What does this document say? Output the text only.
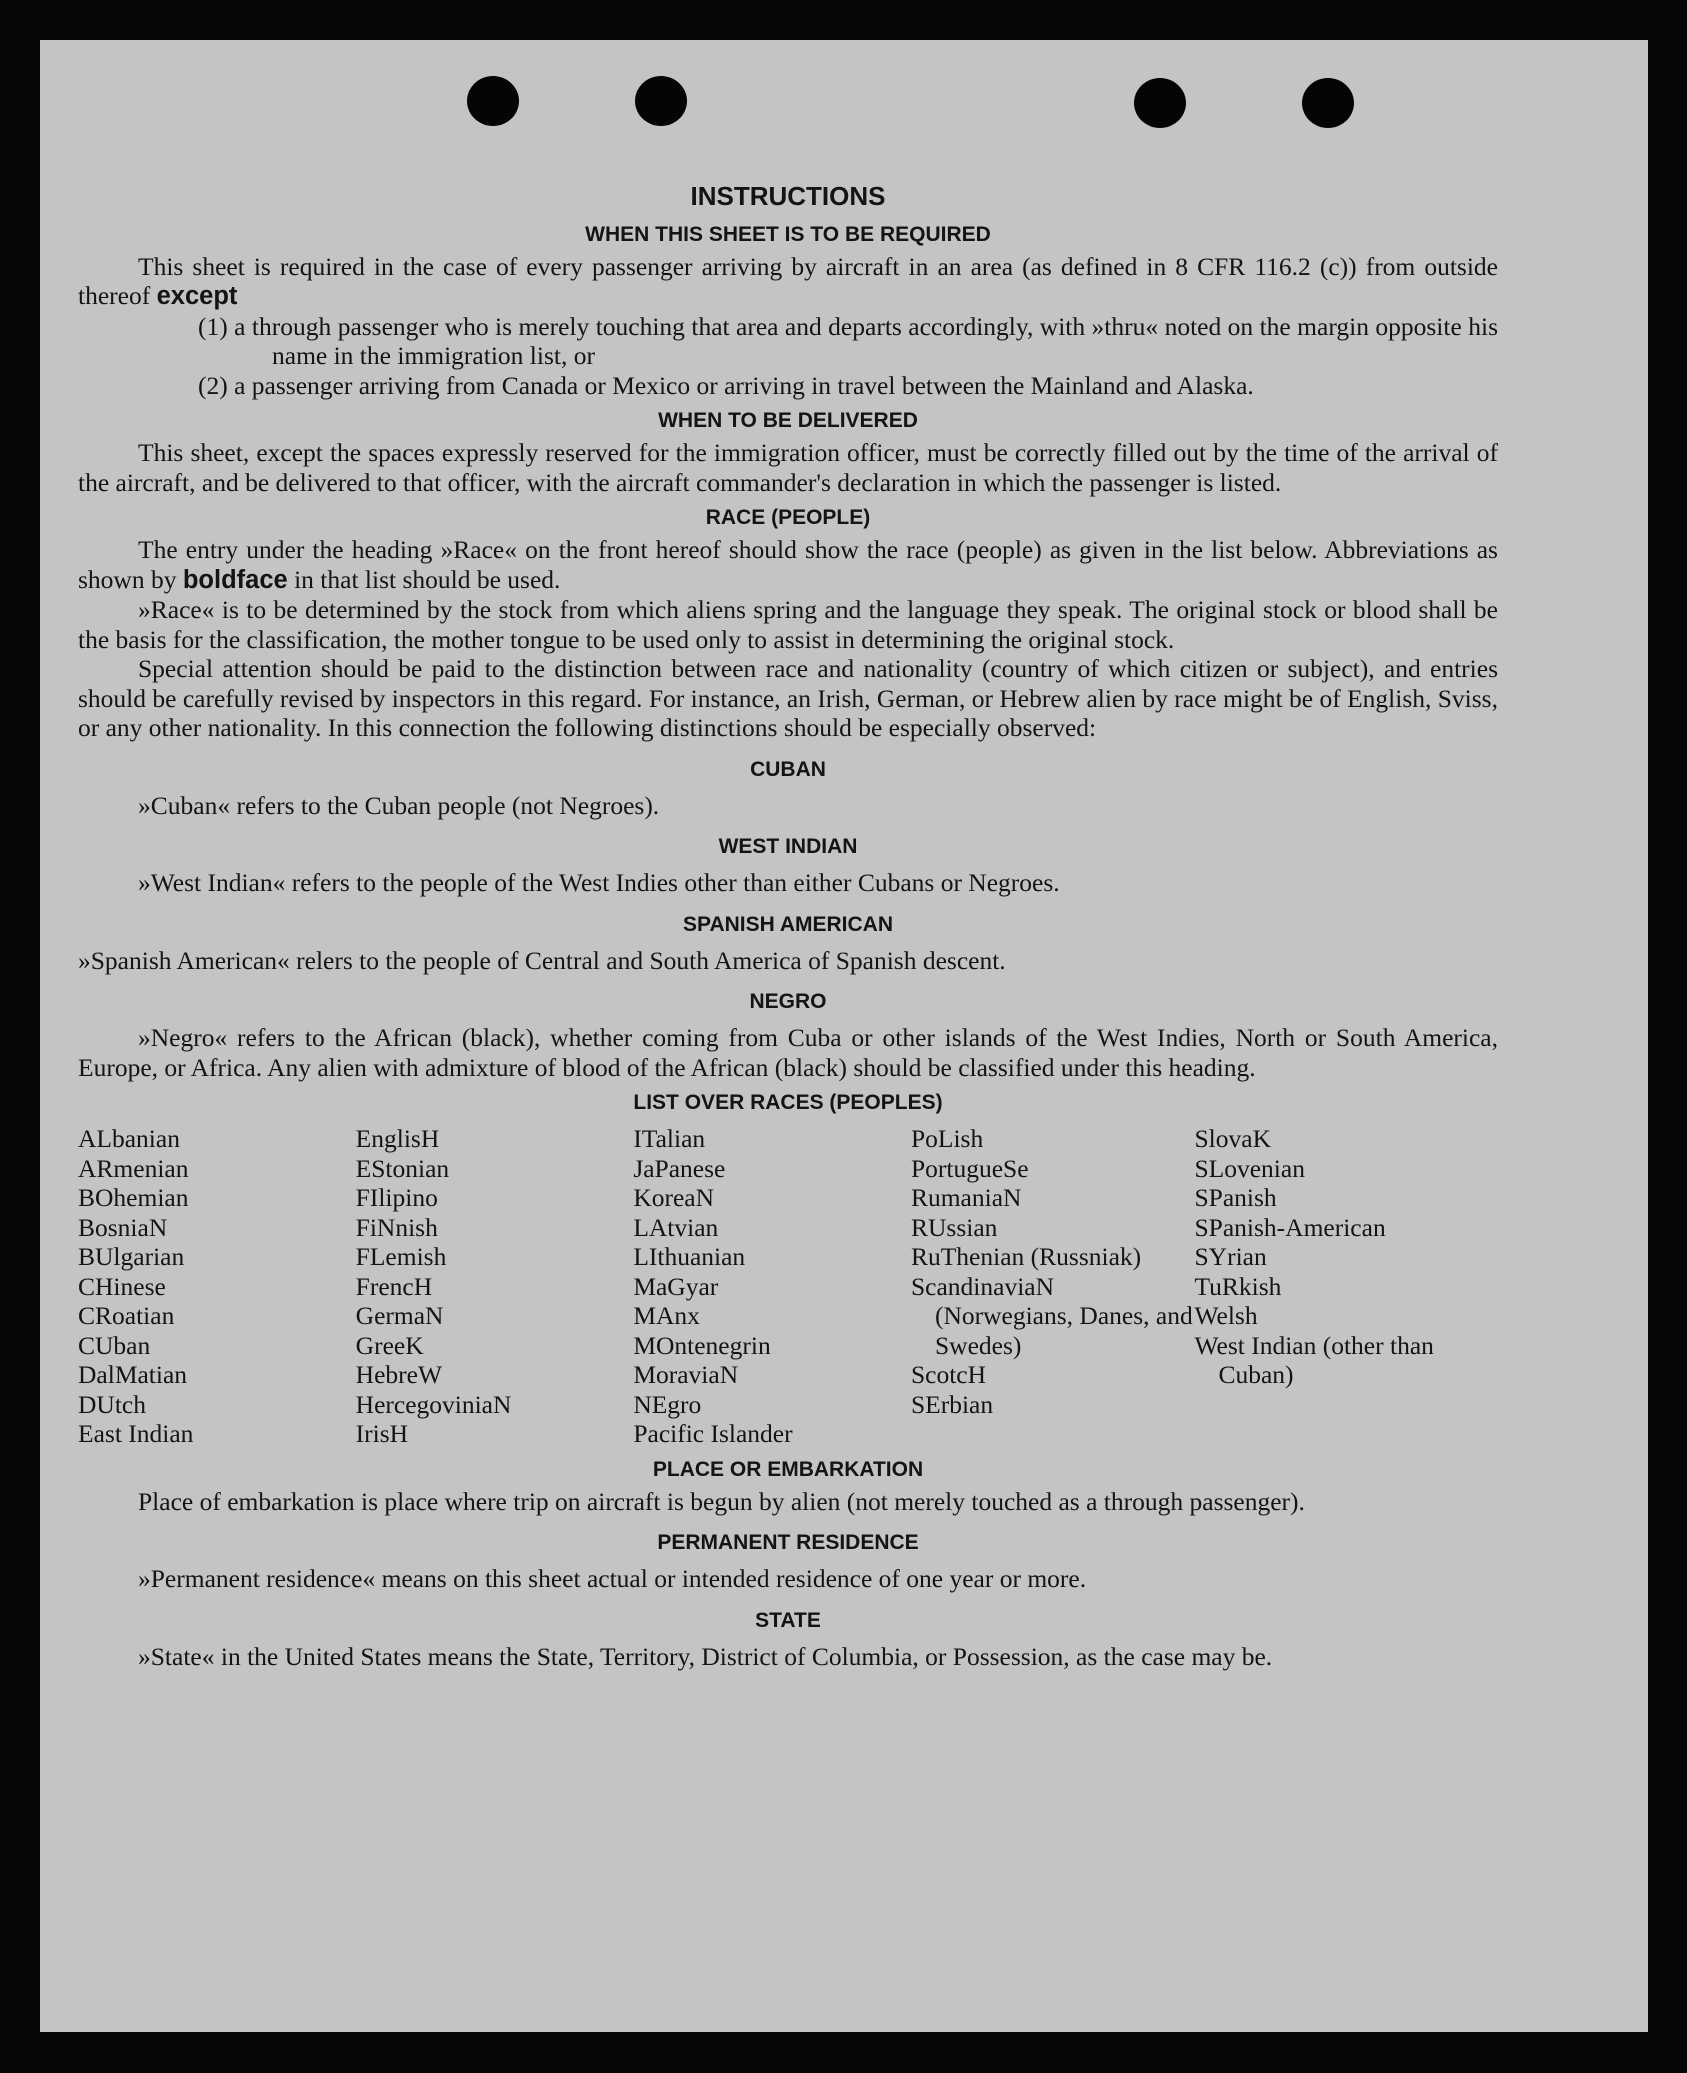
INSTRUCTIONS
WHEN THIS SHEET IS TO BE REQUIRED

This sheet is required in the case of every passenger arriving by aircraft in an area (as defined in 8 CFR 116.2 (c)) from outside thereof except

(1) a through passenger who is merely touching that area and departs accordingly, with »thru« noted on the margin opposite his name in the immigration list, or
(2) a passenger arriving from Canada or Mexico or arriving in travel between the Mainland and Alaska.
WHEN TO BE DELIVERED

This sheet, except the spaces expressly reserved for the immigration officer, must be correctly filled out by the time of the arrival of the aircraft, and be delivered to that officer, with the aircraft commander's declaration in which the passenger is listed.

RACE (PEOPLE)

The entry under the heading »Race« on the front hereof should show the race (people) as given in the list below. Abbreviations as shown by boldface in that list should be used.

»Race« is to be determined by the stock from which aliens spring and the language they speak. The original stock or blood shall be the basis for the classification, the mother tongue to be used only to assist in determining the original stock.

Special attention should be paid to the distinction between race and nationality (country of which citizen or subject), and entries should be carefully revised by inspectors in this regard. For instance, an Irish, German, or Hebrew alien by race might be of English, Sviss, or any other nationality. In this connection the following distinctions should be especially observed:

CUBAN

»Cuban« refers to the Cuban people (not Negroes).

WEST INDIAN

»West Indian« refers to the people of the West Indies other than either Cubans or Negroes.

SPANISH AMERICAN

»Spanish American« relers to the people of Central and South America of Spanish descent.

NEGRO

»Negro« refers to the African (black), whether coming from Cuba or other islands of the West Indies, North or South America, Europe, or Africa. Any alien with admixture of blood of the African (black) should be classified under this heading.

LIST OVER RACES (PEOPLES)
ALbanian
ARmenian
BOhemian
BosniaN
BUlgarian
CHinese
CRoatian
CUban
DalMatian
DUtch
East Indian
EnglisH
EStonian
FIlipino
FiNnish
FLemish
FrencH
GermaN
GreeK
HebreW
HercegoviniaN
IrisH
ITalian
JaPanese
KoreaN
LAtvian
LIthuanian
MaGyar
MAnx
MOntenegrin
MoraviaN
NEgro
Pacific Islander
PoLish
PortugueSe
RumaniaN
RUssian
RuThenian (Russniak)
ScandinaviaN (Norwegians, Danes, and Swedes)
ScotcH
SErbian
SlovaK
SLovenian
SPanish
SPanish-American
SYrian
TuRkish
Welsh
West Indian (other than Cuban)
PLACE OR EMBARKATION

Place of embarkation is place where trip on aircraft is begun by alien (not merely touched as a through passenger).

PERMANENT RESIDENCE

»Permanent residence« means on this sheet actual or intended residence of one year or more.

STATE

»State« in the United States means the State, Territory, District of Columbia, or Possession, as the case may be.
